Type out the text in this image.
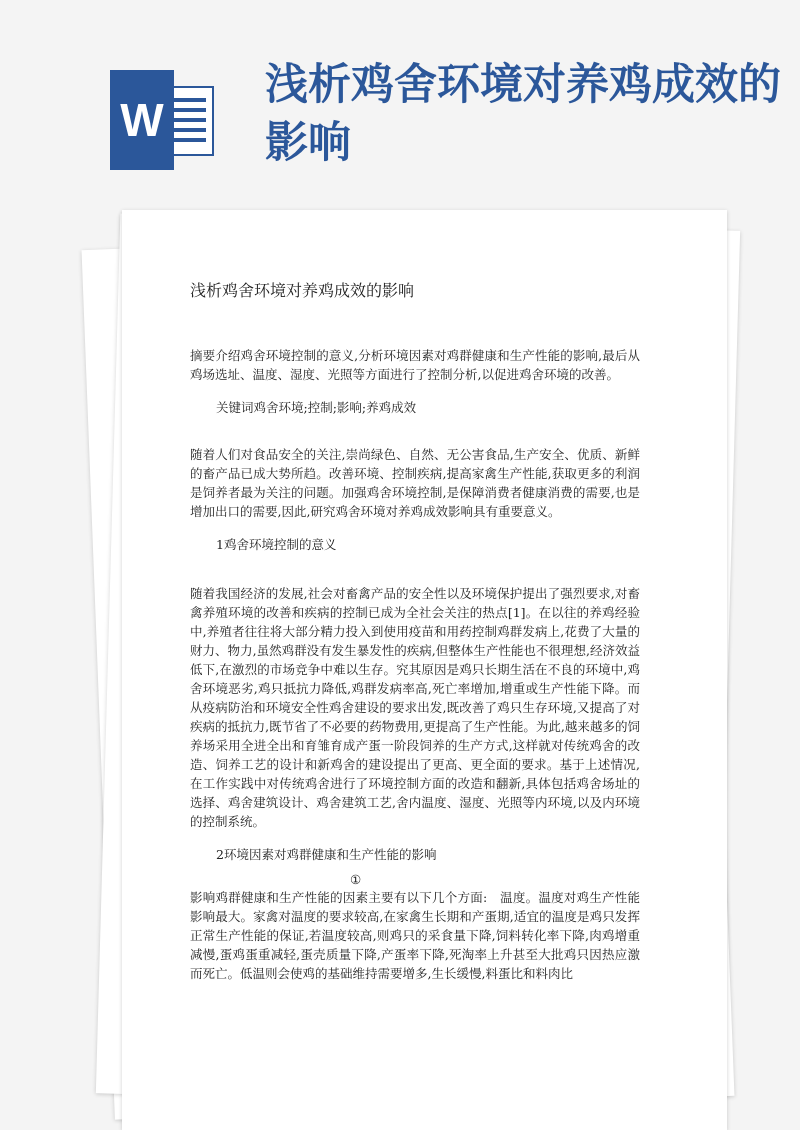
W
浅析鸡舍环境对养鸡成效的影响
浅析鸡舍环境对养鸡成效的影响

摘要介绍鸡舍环境控制的意义,分析环境因素对鸡群健康和生产性能的影响,最后从鸡场选址、温度、湿度、光照等方面进行了控制分析,以促进鸡舍环境的改善。

关键词鸡舍环境;控制;影响;养鸡成效

随着人们对食品安全的关注,崇尚绿色、自然、无公害食品,生产安全、优质、新鲜的畜产品已成大势所趋。改善环境、控制疾病,提高家禽生产性能,获取更多的利润是饲养者最为关注的问题。加强鸡舍环境控制,是保障消费者健康消费的需要,也是增加出口的需要,因此,研究鸡舍环境对养鸡成效影响具有重要意义。

1鸡舍环境控制的意义

随着我国经济的发展,社会对畜禽产品的安全性以及环境保护提出了强烈要求,对畜禽养殖环境的改善和疾病的控制已成为全社会关注的热点[1]。在以往的养鸡经验中,养殖者往往将大部分精力投入到使用疫苗和用药控制鸡群发病上,花费了大量的财力、物力,虽然鸡群没有发生暴发性的疾病,但整体生产性能也不很理想,经济效益低下,在激烈的市场竞争中难以生存。究其原因是鸡只长期生活在不良的环境中,鸡舍环境恶劣,鸡只抵抗力降低,鸡群发病率高,死亡率增加,增重或生产性能下降。而从疫病防治和环境安全性鸡舍建设的要求出发,既改善了鸡只生存环境,又提高了对疾病的抵抗力,既节省了不必要的药物费用,更提高了生产性能。为此,越来越多的饲养场采用全进全出和育雏育成产蛋一阶段饲养的生产方式,这样就对传统鸡舍的改造、饲养工艺的设计和新鸡舍的建设提出了更高、更全面的要求。基于上述情况,在工作实践中对传统鸡舍进行了环境控制方面的改造和翻新,具体包括鸡舍场址的选择、鸡舍建筑设计、鸡舍建筑工艺,舍内温度、湿度、光照等内环境,以及内环境的控制系统。

2环境因素对鸡群健康和生产性能的影响

①

影响鸡群健康和生产性能的因素主要有以下几个方面:　温度。温度对鸡生产性能影响最大。家禽对温度的要求较高,在家禽生长期和产蛋期,适宜的温度是鸡只发挥正常生产性能的保证,若温度较高,则鸡只的采食量下降,饲料转化率下降,肉鸡增重减慢,蛋鸡蛋重减轻,蛋壳质量下降,产蛋率下降,死淘率上升甚至大批鸡只因热应激而死亡。低温则会使鸡的基础维持需要增多,生长缓慢,料蛋比和料肉比
